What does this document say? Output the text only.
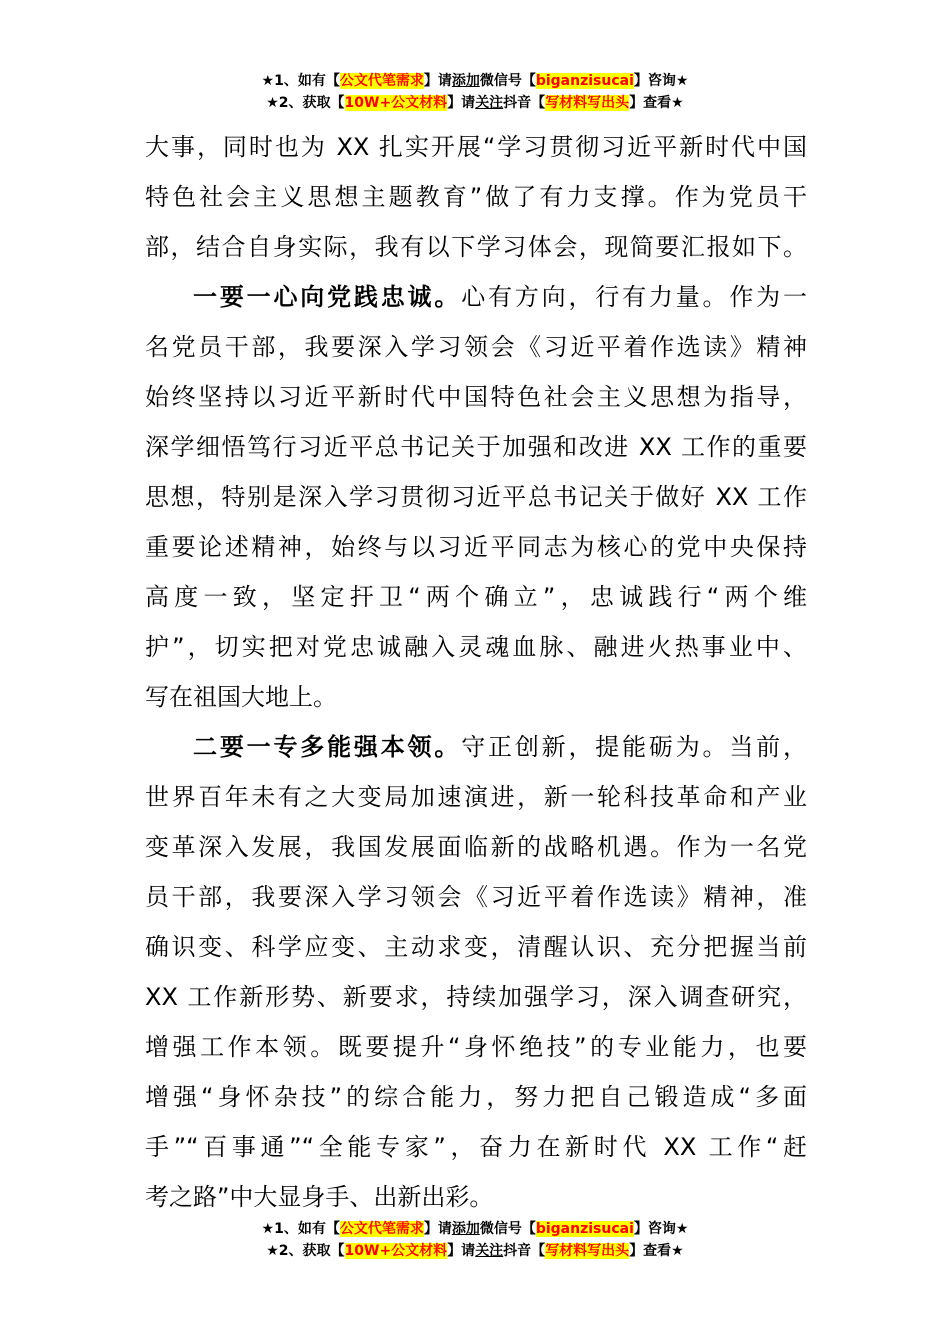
★1、如有【公文代笔需求】请添加微信号【biganzisucai】咨询★
★2、获取【10W+公文材料】请关注抖音【写材料写出头】查看★
大事，同时也为 XX 扎实开展“学习贯彻习近平新时代中国
特色社会主义思想主题教育”做了有力支撑。作为党员干
部，结合自身实际，我有以下学习体会，现简要汇报如下。
一要一心向党践忠诚。心有方向，行有力量。作为一
名党员干部，我要深入学习领会《习近平着作选读》精神
始终坚持以习近平新时代中国特色社会主义思想为指导，
深学细悟笃行习近平总书记关于加强和改进 XX 工作的重要
思想，特别是深入学习贯彻习近平总书记关于做好 XX 工作
重要论述精神，始终与以习近平同志为核心的党中央保持
高度一致，坚定扞卫“两个确立”，忠诚践行“两个维
护”，切实把对党忠诚融入灵魂血脉、融进火热事业中、
写在祖国大地上。
二要一专多能强本领。守正创新，提能砺为。当前，
世界百年未有之大变局加速演进，新一轮科技革命和产业
变革深入发展，我国发展面临新的战略机遇。作为一名党
员干部，我要深入学习领会《习近平着作选读》精神，准
确识变、科学应变、主动求变，清醒认识、充分把握当前
XX 工作新形势、新要求，持续加强学习，深入调查研究，
增强工作本领。既要提升“身怀绝技”的专业能力，也要
增强“身怀杂技”的综合能力，努力把自己锻造成“多面
手”“百事通”“全能专家”，奋力在新时代 XX 工作“赶
考之路”中大显身手、出新出彩。
★1、如有【公文代笔需求】请添加微信号【biganzisucai】咨询★
★2、获取【10W+公文材料】请关注抖音【写材料写出头】查看★
